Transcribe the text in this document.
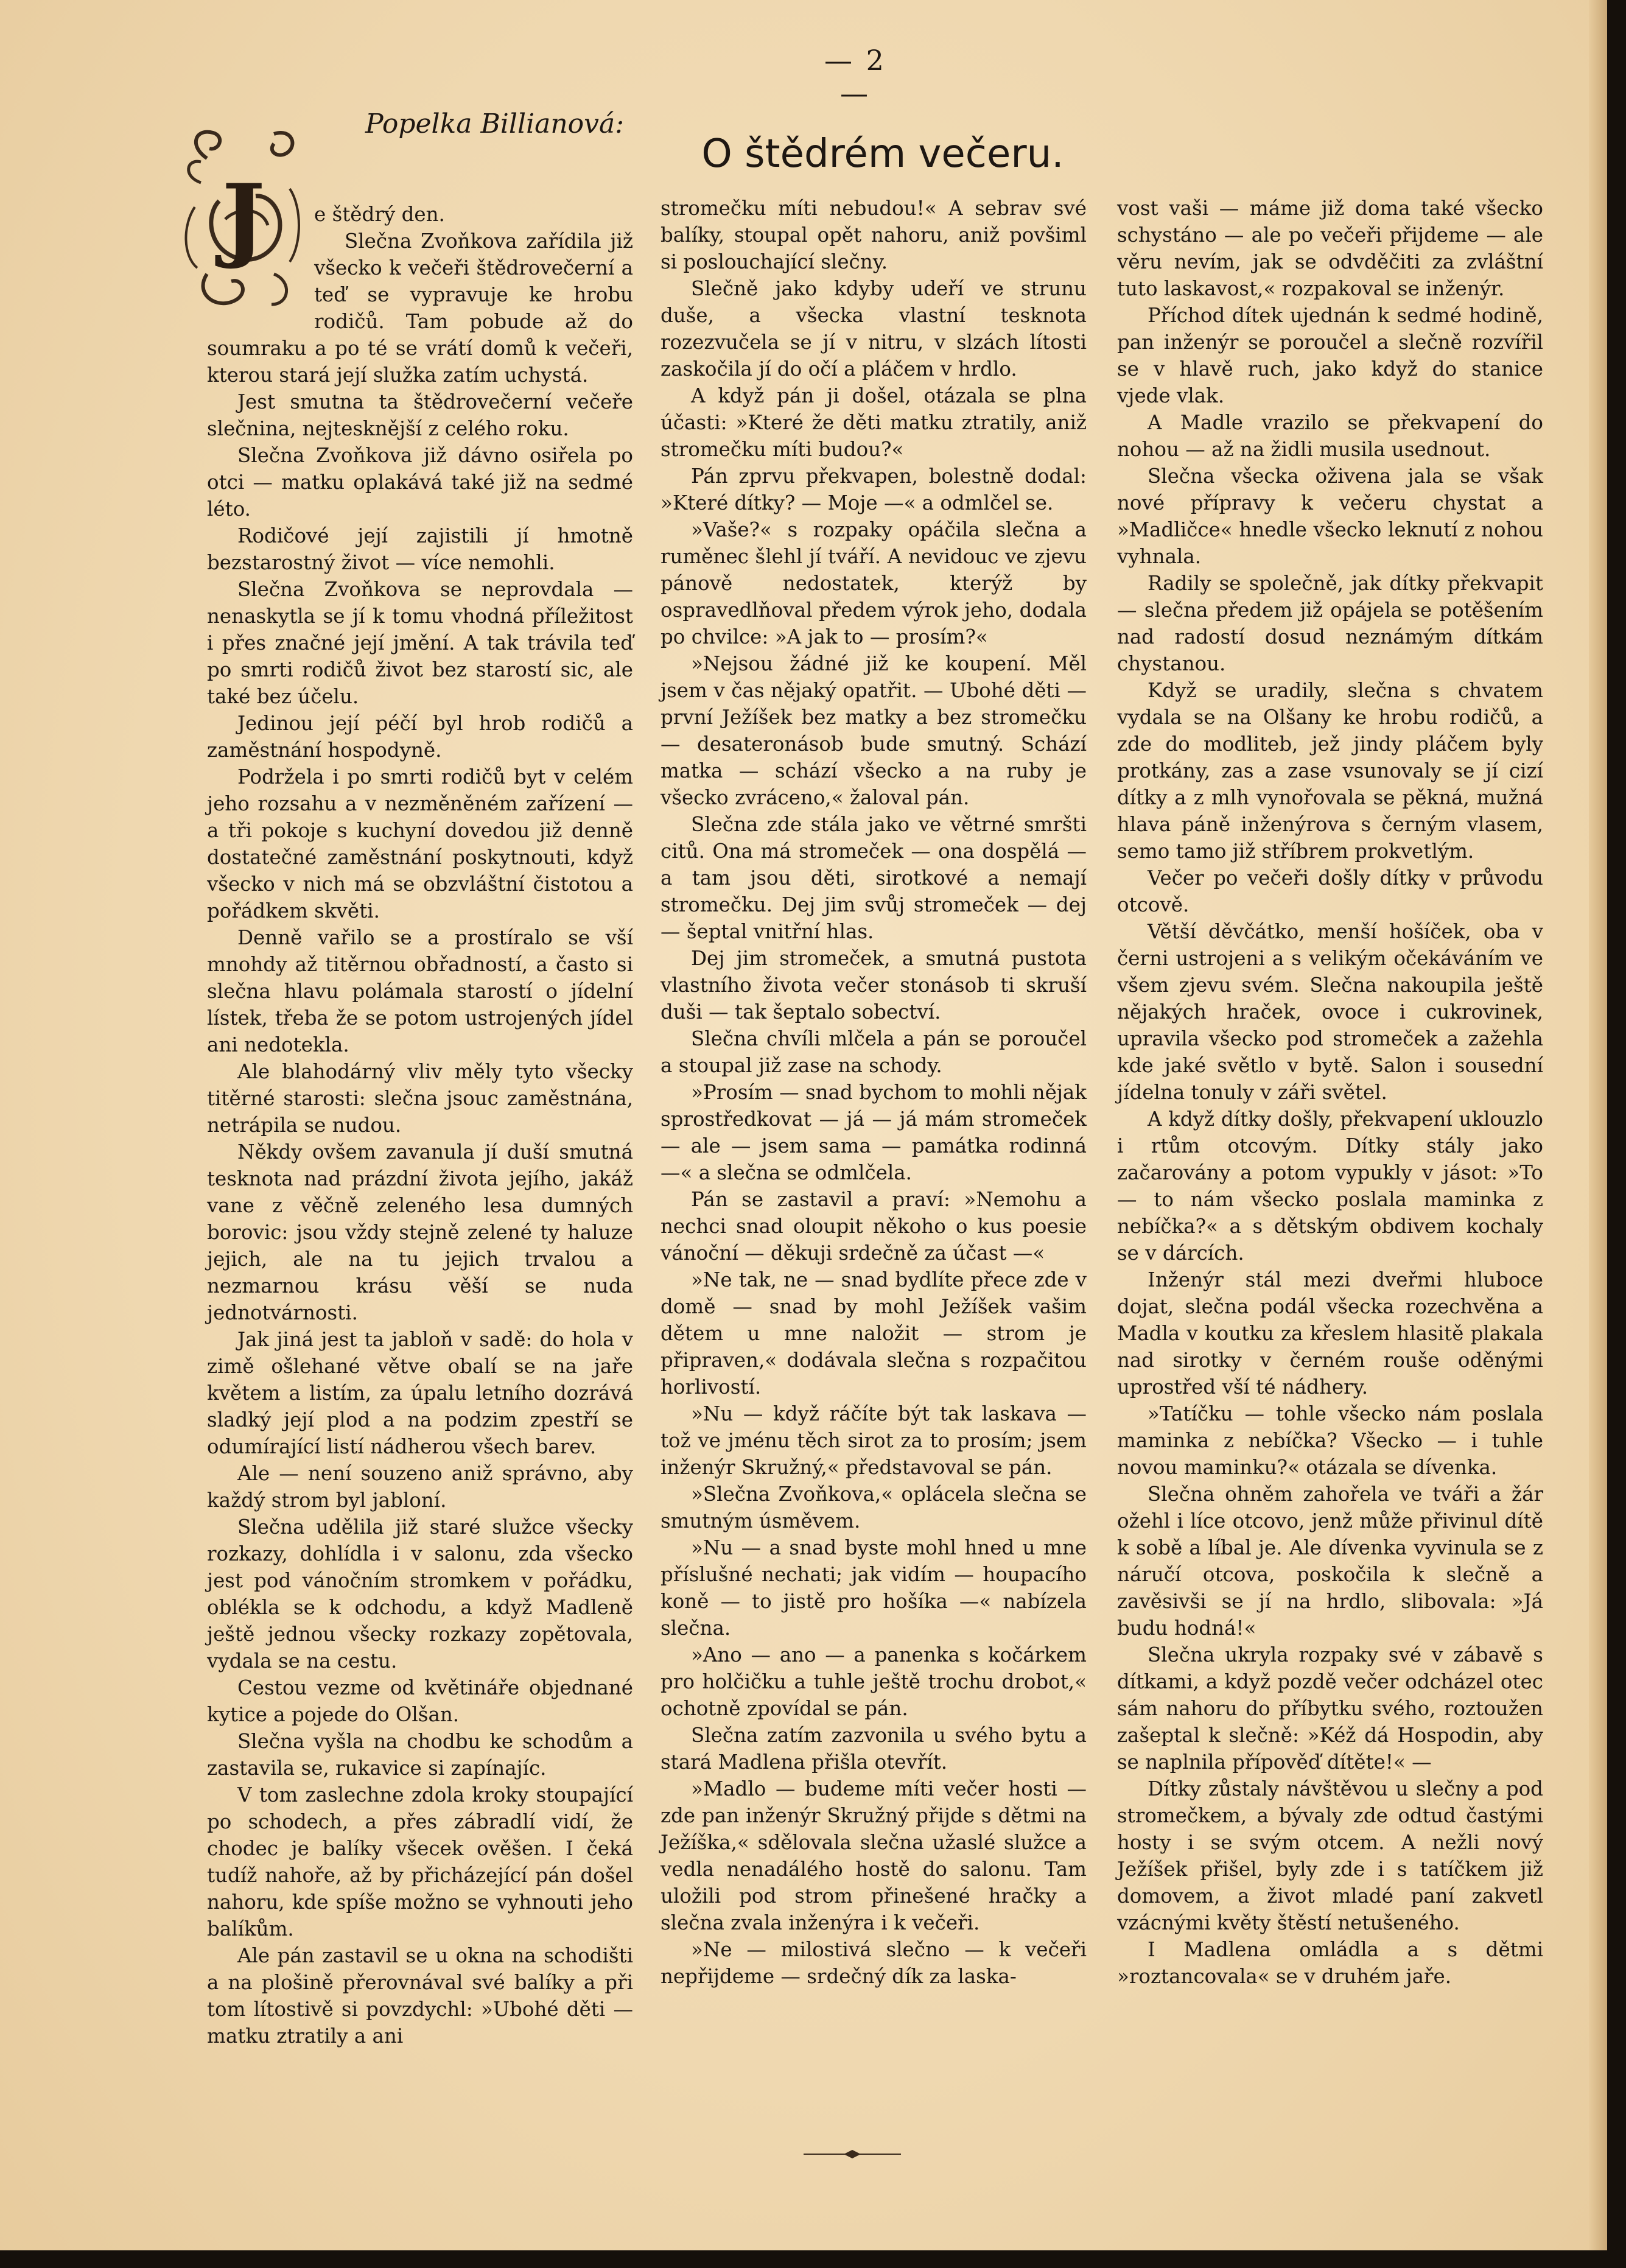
— 2 —
Popelka Billianová:
O štědrém večeru.
J	e štědrý den.

Slečna Zvoňkova zařídila již všecko k večeři štědrovečerní a teď se vypravuje ke hrobu rodičů. Tam pobude až do soumraku a po té se vrátí domů k večeři, kterou stará její služka zatím uchystá.

Jest smutna ta štědrovečerní večeře slečnina, nejtesknější z celého roku.

Slečna Zvoňkova již dávno osiřela po otci — matku oplakává také již na sedmé léto.

Rodičové její zajistili jí hmotně bezstarostný život — více nemohli.

Slečna Zvoňkova se neprovdala — nenaskytla se jí k tomu vhodná příležitost i přes značné její jmění. A tak trávila teď po smrti rodičů život bez starostí sic, ale také bez účelu.

Jedinou její péčí byl hrob rodičů a zaměstnání hospodyně.

Podržela i po smrti rodičů byt v celém jeho rozsahu a v nezměněném zařízení — a tři pokoje s kuchyní dovedou již denně dostatečné zaměstnání poskytnouti, když všecko v nich má se obzvláštní čistotou a pořádkem skvěti.

Denně vařilo se a prostíralo se vší mnohdy až titěrnou obřadností, a často si slečna hlavu polámala starostí o jídelní lístek, třeba že se potom ustrojených jídel ani nedotekla.

Ale blahodárný vliv měly tyto všecky titěrné starosti: slečna jsouc zaměstnána, netrápila se nudou.

Někdy ovšem zavanula jí duší smutná tesknota nad prázdní života jejího, jakáž vane z věčně zeleného lesa dumných borovic: jsou vždy stejně zelené ty haluze jejich, ale na tu jejich trvalou a nezmarnou krásu věší se nuda jednotvárnosti.

Jak jiná jest ta jabloň v sadě: do hola v zimě ošlehané větve obalí se na jaře květem a listím, za úpalu letního dozrává sladký její plod a na podzim zpestří se odumírající listí nádherou všech barev.

Ale — není souzeno aniž správno, aby každý strom byl jabloní.

Slečna udělila již staré služce všecky rozkazy, dohlídla i v salonu, zda všecko jest pod vánočním stromkem v pořádku, oblékla se k odchodu, a když Madleně ještě jednou všecky rozkazy zopětovala, vydala se na cestu.

Cestou vezme od květináře objednané kytice a pojede do Olšan.

Slečna vyšla na chodbu ke schodům a zastavila se, rukavice si zapínajíc.

V tom zaslechne zdola kroky stoupající po schodech, a přes zábradlí vidí, že chodec je balíky všecek ověšen. I čeká tudíž nahoře, až by přicházející pán došel nahoru, kde spíše možno se vyhnouti jeho balíkům.

Ale pán zastavil se u okna na schodišti a na plošině přerovnával své balíky a při tom lítostivě si povzdychl: »Ubohé děti — matku ztratily a ani

stromečku míti nebudou!« A sebrav své balíky, stoupal opět nahoru, aniž povšiml si poslouchající slečny.

Slečně jako kdyby udeří ve strunu duše, a všecka vlastní tesknota rozezvučela se jí v nitru, v slzách lítosti zaskočila jí do očí a pláčem v hrdlo.

A když pán ji došel, otázala se plna účasti: »Které že děti matku ztratily, aniž stromečku míti budou?«

Pán zprvu překvapen, bolestně dodal: »Které dítky? — Moje —« a odmlčel se.

»Vaše?« s rozpaky opáčila slečna a ruměnec šlehl jí tváří. A nevidouc ve zjevu pánově nedostatek, kterýž by ospravedlňoval předem výrok jeho, dodala po chvilce: »A jak to — prosím?«

»Nejsou žádné již ke koupení. Měl jsem v čas nějaký opatřit. — Ubohé děti — první Ježíšek bez matky a bez stromečku — desateronásob bude smutný. Schází matka — schází všecko a na ruby je všecko zvráceno,« žaloval pán.

Slečna zde stála jako ve větrné smršti citů. Ona má stromeček — ona dospělá — a tam jsou děti, sirotkové a nemají stromečku. Dej jim svůj stromeček — dej — šeptal vnitřní hlas.

Dej jim stromeček, a smutná pustota vlastního života večer stonásob ti skruší duši — tak šeptalo sobectví.

Slečna chvíli mlčela a pán se poroučel a stoupal již zase na schody.

»Prosím — snad bychom to mohli nějak sprostředkovat — já — já mám stromeček — ale — jsem sama — památka rodinná —« a slečna se odmlčela.

Pán se zastavil a praví: »Nemohu a nechci snad oloupit někoho o kus poesie vánoční — děkuji srdečně za účast —«

»Ne tak, ne — snad bydlíte přece zde v domě — snad by mohl Ježíšek vašim dětem u mne naložit — strom je připraven,« dodávala slečna s rozpačitou horlivostí.

»Nu — když ráčíte být tak laskava — tož ve jménu těch sirot za to prosím; jsem inženýr Skružný,« představoval se pán.

»Slečna Zvoňkova,« oplácela slečna se smutným úsměvem.

»Nu — a snad byste mohl hned u mne příslušné nechati; jak vidím — houpacího koně — to jistě pro hošíka —« nabízela slečna.

»Ano — ano — a panenka s kočárkem pro holčičku a tuhle ještě trochu drobot,« ochotně zpovídal se pán.

Slečna zatím zazvonila u svého bytu a stará Madlena přišla otevřít.

»Madlo — budeme míti večer hosti — zde pan inženýr Skružný přijde s dětmi na Ježíška,« sdělovala slečna užaslé služce a vedla nenadálého hostě do salonu. Tam uložili pod strom přinešené hračky a slečna zvala inženýra i k večeři.

»Ne — milostivá slečno — k večeři nepřijdeme — srdečný dík za laska-

vost vaši — máme již doma také všecko schystáno — ale po večeři přijdeme — ale věru nevím, jak se odvděčiti za zvláštní tuto laskavost,« rozpakoval se inženýr.

Příchod dítek ujednán k sedmé hodině, pan inženýr se poroučel a slečně rozvířil se v hlavě ruch, jako když do stanice vjede vlak.

A Madle vrazilo se překvapení do nohou — až na židli musila usednout.

Slečna všecka oživena jala se však nové přípravy k večeru chystat a »Madličce« hnedle všecko leknutí z nohou vyhnala.

Radily se společně, jak dítky překvapit — slečna předem již opájela se potěšením nad radostí dosud neznámým dítkám chystanou.

Když se uradily, slečna s chvatem vydala se na Olšany ke hrobu rodičů, a zde do modliteb, jež jindy pláčem byly protkány, zas a zase vsunovaly se jí cizí dítky a z mlh vynořovala se pěkná, mužná hlava páně inženýrova s černým vlasem, semo tamo již stříbrem prokvetlým.

Večer po večeři došly dítky v průvodu otcově.

Větší děvčátko, menší hošíček, oba v černi ustrojeni a s velikým očekáváním ve všem zjevu svém. Slečna nakoupila ještě nějakých hraček, ovoce i cukrovinek, upravila všecko pod stromeček a zažehla kde jaké světlo v bytě. Salon i sousední jídelna tonuly v záři světel.

A když dítky došly, překvapení uklouzlo i rtům otcovým. Dítky stály jako začarovány a potom vypukly v jásot: »To — to nám všecko poslala maminka z nebíčka?« a s dětským obdivem kochaly se v dárcích.

Inženýr stál mezi dveřmi hluboce dojat, slečna podál všecka rozechvěna a Madla v koutku za křeslem hlasitě plakala nad sirotky v černém rouše oděnými uprostřed vší té nádhery.

»Tatíčku — tohle všecko nám poslala maminka z nebíčka? Všecko — i tuhle novou maminku?« otázala se dívenka.

Slečna ohněm zahořela ve tváři a žár ožehl i líce otcovo, jenž může přivinul dítě k sobě a líbal je. Ale dívenka vyvinula se z náručí otcova, poskočila k slečně a zavěsivši se jí na hrdlo, slibovala: »Já budu hodná!«

Slečna ukryla rozpaky své v zábavě s dítkami, a když pozdě večer odcházel otec sám nahoru do příbytku svého, roztoužen zašeptal k slečně: »Kéž dá Hospodin, aby se naplnila přípověď dítěte!« —

Dítky zůstaly návštěvou u slečny a pod stromečkem, a bývaly zde odtud častými hosty i se svým otcem. A nežli nový Ježíšek přišel, byly zde i s tatíčkem již domovem, a život mladé paní zakvetl vzácnými květy štěstí netušeného.

I Madlena omládla a s dětmi »roztancovala« se v druhém jaře.
